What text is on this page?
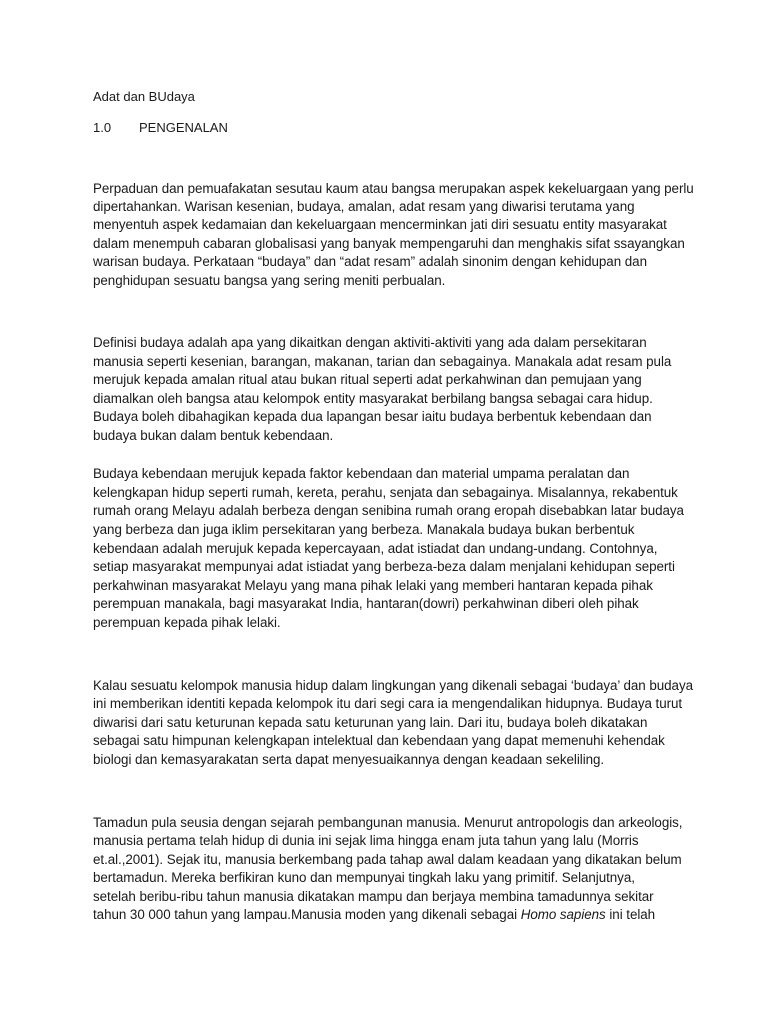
Adat dan BUdaya
1.0 PENGENALAN
Perpaduan dan pemuafakatan sesutau kaum atau bangsa merupakan aspek kekeluargaan yang perlu
dipertahankan. Warisan kesenian, budaya, amalan, adat resam yang diwarisi terutama yang
menyentuh aspek kedamaian dan kekeluargaan mencerminkan jati diri sesuatu entity masyarakat
dalam menempuh cabaran globalisasi yang banyak mempengaruhi dan menghakis sifat ssayangkan
warisan budaya. Perkataan “budaya” dan “adat resam” adalah sinonim dengan kehidupan dan
penghidupan sesuatu bangsa yang sering meniti perbualan.
Definisi budaya adalah apa yang dikaitkan dengan aktiviti-aktiviti yang ada dalam persekitaran
manusia seperti kesenian, barangan, makanan, tarian dan sebagainya. Manakala adat resam pula
merujuk kepada amalan ritual atau bukan ritual seperti adat perkahwinan dan pemujaan yang
diamalkan oleh bangsa atau kelompok entity masyarakat berbilang bangsa sebagai cara hidup.
Budaya boleh dibahagikan kepada dua lapangan besar iaitu budaya berbentuk kebendaan dan
budaya bukan dalam bentuk kebendaan.
Budaya kebendaan merujuk kepada faktor kebendaan dan material umpama peralatan dan
kelengkapan hidup seperti rumah, kereta, perahu, senjata dan sebagainya. Misalannya, rekabentuk
rumah orang Melayu adalah berbeza dengan senibina rumah orang eropah disebabkan latar budaya
yang berbeza dan juga iklim persekitaran yang berbeza. Manakala budaya bukan berbentuk
kebendaan adalah merujuk kepada kepercayaan, adat istiadat dan undang-undang. Contohnya,
setiap masyarakat mempunyai adat istiadat yang berbeza-beza dalam menjalani kehidupan seperti
perkahwinan masyarakat Melayu yang mana pihak lelaki yang memberi hantaran kepada pihak
perempuan manakala, bagi masyarakat India, hantaran(dowri) perkahwinan diberi oleh pihak
perempuan kepada pihak lelaki.
Kalau sesuatu kelompok manusia hidup dalam lingkungan yang dikenali sebagai ‘budaya’ dan budaya
ini memberikan identiti kepada kelompok itu dari segi cara ia mengendalikan hidupnya. Budaya turut
diwarisi dari satu keturunan kepada satu keturunan yang lain. Dari itu, budaya boleh dikatakan
sebagai satu himpunan kelengkapan intelektual dan kebendaan yang dapat memenuhi kehendak
biologi dan kemasyarakatan serta dapat menyesuaikannya dengan keadaan sekeliling.
Tamadun pula seusia dengan sejarah pembangunan manusia. Menurut antropologis dan arkeologis,
manusia pertama telah hidup di dunia ini sejak lima hingga enam juta tahun yang lalu (Morris
et.al.,2001). Sejak itu, manusia berkembang pada tahap awal dalam keadaan yang dikatakan belum
bertamadun. Mereka berfikiran kuno dan mempunyai tingkah laku yang primitif. Selanjutnya,
setelah beribu-ribu tahun manusia dikatakan mampu dan berjaya membina tamadunnya sekitar
tahun 30 000 tahun yang lampau.Manusia moden yang dikenali sebagai Homo sapiens ini telah
